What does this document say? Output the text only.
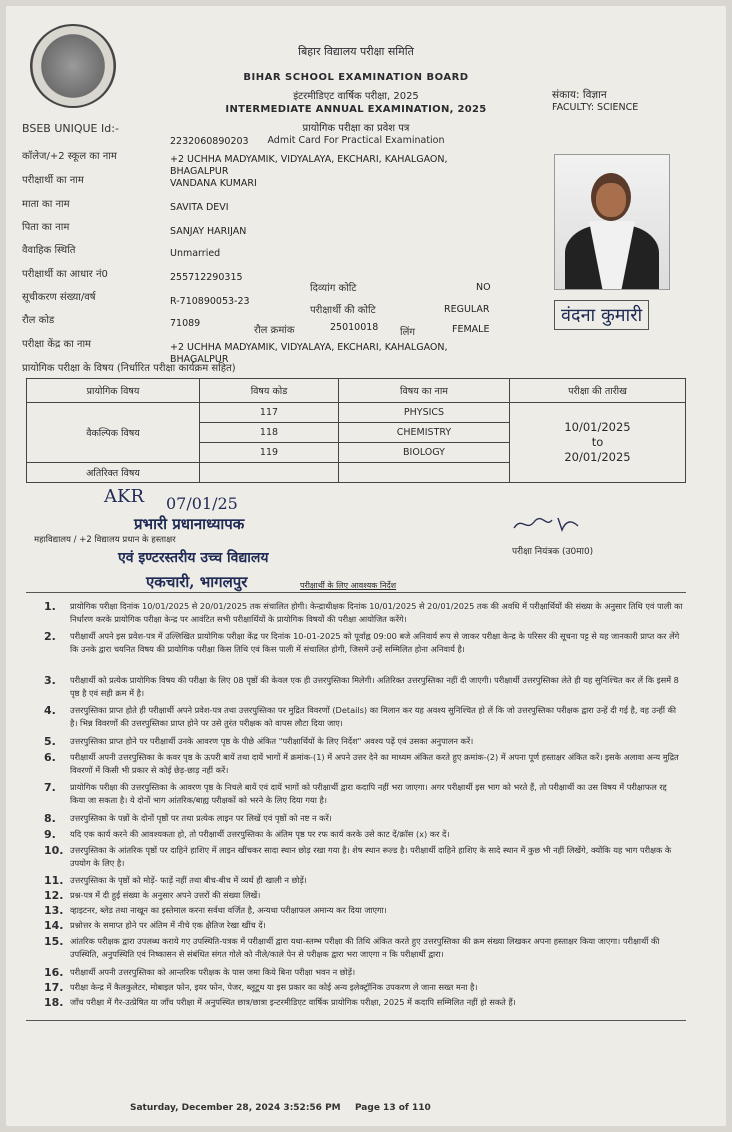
बिहार विद्यालय परीक्षा समिति
BIHAR SCHOOL EXAMINATION BOARD
इंटरमीडिएट वार्षिक परीक्षा, 2025
INTERMEDIATE ANNUAL EXAMINATION, 2025
प्रायोगिक परीक्षा का प्रवेश पत्र
Admit Card For Practical Examination
संकाय: विज्ञान
FACULTY: SCIENCE
BSEB UNIQUE Id:-
2232060890203
कॉलेज/+2 स्कूल का नाम	+2 UCHHA MADYAMIK, VIDYALAYA, EKCHARI, KAHALGAON, BHAGALPUR
परीक्षार्थी का नाम	VANDANA KUMARI
माता का नाम	SAVITA DEVI
पिता का नाम	SANJAY HARIJAN
वैवाहिक स्थिति	Unmarried
परीक्षार्थी का आधार नं0	255712290315
दिव्यांग कोटि	NO
सूचीकरण संख्या/वर्ष	R-710890053-23
परीक्षार्थी की कोटि	REGULAR
रौल कोड	71089
रौल क्रमांक	25010018 लिंग	FEMALE
परीक्षा केंद्र का नाम	+2 UCHHA MADYAMIK, VIDYALAYA, EKCHARI, KAHALGAON, BHAGALPUR
वंदना कुमारी
प्रायोगिक परीक्षा के विषय (निर्धारित परीक्षा कार्यक्रम सहित)
प्रायोगिक विषय	विषय कोड	विषय का नाम	परीक्षा की तारीख
वैकल्पिक विषय	117	PHYSICS	10/01/2025
to
20/01/2025

	118	CHEMISTRY	
	119	BIOLOGY	
अतिरिक्त विषय			
AKR 07/01/25
प्रभारी प्रधानाध्यापक
महाविद्यालय / +2 विद्यालय प्रधान के हस्ताक्षर
एवं इण्टरस्तरीय उच्च विद्यालय
एकचारी, भागलपुर	परीक्षार्थी के लिए आवश्यक निर्देश
परीक्षा नियंत्रक (उ0मा0)
1. प्रायोगिक परीक्षा दिनांक 10/01/2025 से 20/01/2025 तक संचालित होगी। केन्द्राधीक्षक दिनांक 10/01/2025 से 20/01/2025 तक की अवधि में परीक्षार्थियों की संख्या के अनुसार तिथि एवं पाली का निर्धारण करके प्रायोगिक परीक्षा केन्द्र पर आवंटित सभी परीक्षार्थियों के प्रायोगिक विषयों की परीक्षा आयोजित करेंगे।
2. परीक्षार्थी अपने इस प्रवेश-पत्र में उल्लिखित प्रायोगिक परीक्षा केंद्र पर दिनांक 10-01-2025 को पूर्वाह्न 09:00 बजे अनिवार्य रूप से जाकर परीक्षा केन्द्र के परिसर की सूचना पट्ट से यह जानकारी प्राप्त कर लेंगे कि उनके द्वारा चयनित विषय की प्रायोगिक परीक्षा किस तिथि एवं किस पाली में संचालित होगी, जिसमें उन्हें सम्मिलित होना अनिवार्य है।
3. परीक्षार्थी को प्रत्येक प्रायोगिक विषय की परीक्षा के लिए 08 पृष्ठों की केवल एक ही उत्तरपुस्तिका मिलेगी। अतिरिक्त उत्तरपुस्तिका नहीं दी जाएगी। परीक्षार्थी उत्तरपुस्तिका लेते ही यह सुनिश्चित कर लें कि इसमें 8 पृष्ठ है एवं सही क्रम में है।
4. उत्तरपुस्तिका प्राप्त होते ही परीक्षार्थी अपने प्रवेश-पत्र तथा उत्तरपुस्तिका पर मुद्रित विवरणों (Details) का मिलान कर यह अवश्य सुनिश्चित हो लें कि जो उत्तरपुस्तिका परीक्षक द्वारा उन्हें दी गई है, वह उन्हीं की है। भिन्न विवरणों की उत्तरपुस्तिका प्राप्त होने पर उसे तुरंत परीक्षक को वापस लौटा दिया जाए।
5. उत्तरपुस्तिका प्राप्त होने पर परीक्षार्थी उनके आवरण पृष्ठ के पीछे अंकित "परीक्षार्थियों के लिए निर्देश" अवश्य पढ़ें एवं उसका अनुपालन करें।
6. परीक्षार्थी अपनी उत्तरपुस्तिका के कवर पृष्ठ के ऊपरी बायें तथा दायें भागों में क्रमांक-(1) में अपने उत्तर देने का माध्यम अंकित करते हुए क्रमांक-(2) में अपना पूर्ण हस्ताक्षर अंकित करें। इसके अलावा अन्य मुद्रित विवरणों में किसी भी प्रकार से कोई छेड़-छाड़ नहीं करें।
7. प्रायोगिक परीक्षा की उत्तरपुस्तिका के आवरण पृष्ठ के निचले बायें एवं दायें भागों को परीक्षार्थी द्वारा कदापि नहीं भरा जाएगा। अगर परीक्षार्थी इस भाग को भरते हैं, तो परीक्षार्थी का उस विषय में परीक्षाफल रद्द किया जा सकता है। ये दोनों भाग आंतरिक/बाह्य परीक्षकों को भरने के लिए दिया गया है।
8. उत्तरपुस्तिका के पन्नों के दोनों पृष्ठों पर तथा प्रत्येक लाइन पर लिखें एवं पृष्ठों को नष्ट न करें।
9. यदि एक कार्य करने की आवश्यकता हो, तो परीक्षार्थी उत्तरपुस्तिका के अंतिम पृष्ठ पर रफ कार्य करके उसे काट दें/क्रॉस (x) कर दें।
10. उत्तरपुस्तिका के आंतरिक पृष्ठों पर दाहिने हाशिए में लाइन खींचकर सादा स्थान छोड़ रखा गया है। शेष स्थान रूल्ड है। परीक्षार्थी दाहिने हाशिए के सादे स्थान में कुछ भी नहीं लिखेंगे, क्योंकि यह भाग परीक्षक के उपयोग के लिए है।
11. उत्तरपुस्तिका के पृष्ठों को मोड़ें- फाड़ें नहीं तथा बीच-बीच में व्यर्थ ही खाली न छोड़ें।
12. प्रश्न-पत्र में दी हुई संख्या के अनुसार अपने उत्तरों की संख्या लिखें।
13. व्हाइटनर, ब्लेड तथा नाखून का इस्तेमाल करना सर्वथा वर्जित है, अन्यथा परीक्षाफल अमान्य कर दिया जाएगा।
14. प्रश्नोत्तर के समाप्त होने पर अंतिम में नीचे एक क्षैतिज रेखा खींच दें।
15. आंतरिक परीक्षक द्वारा उपलब्ध कराये गए उपस्थिति-पत्रक में परीक्षार्थी द्वारा यथा-स्तम्भ परीक्षा की तिथि अंकित करते हुए उत्तरपुस्तिका की क्रम संख्या लिखकर अपना हस्ताक्षर किया जाएगा। परीक्षार्थी की उपस्थिति, अनुपस्थिति एवं निष्कासन से संबंधित संगत गोले को नीले/काले पेन से परीक्षक द्वारा भरा जाएगा न कि परीक्षार्थी द्वारा।
16. परीक्षार्थी अपनी उत्तरपुस्तिका को आन्तरिक परीक्षक के पास जमा किये बिना परीक्षा भवन न छोड़ें।
17. परीक्षा केन्द्र में कैलकुलेटर, मोबाइल फोन, इयर फोन, पेजर, ब्लूटूथ या इस प्रकार का कोई अन्य इलेक्ट्रॉनिक उपकरण ले जाना सख्त मना है।
18. जाँच परीक्षा में गैर-उत्प्रेषित या जाँच परीक्षा में अनुपस्थित छात्र/छात्रा इन्टरमीडिएट वार्षिक प्रायोगिक परीक्षा, 2025 में कदापि सम्मिलित नहीं हो सकते हैं।
Saturday, December 28, 2024 3:52:56 PM Page 13 of 110
